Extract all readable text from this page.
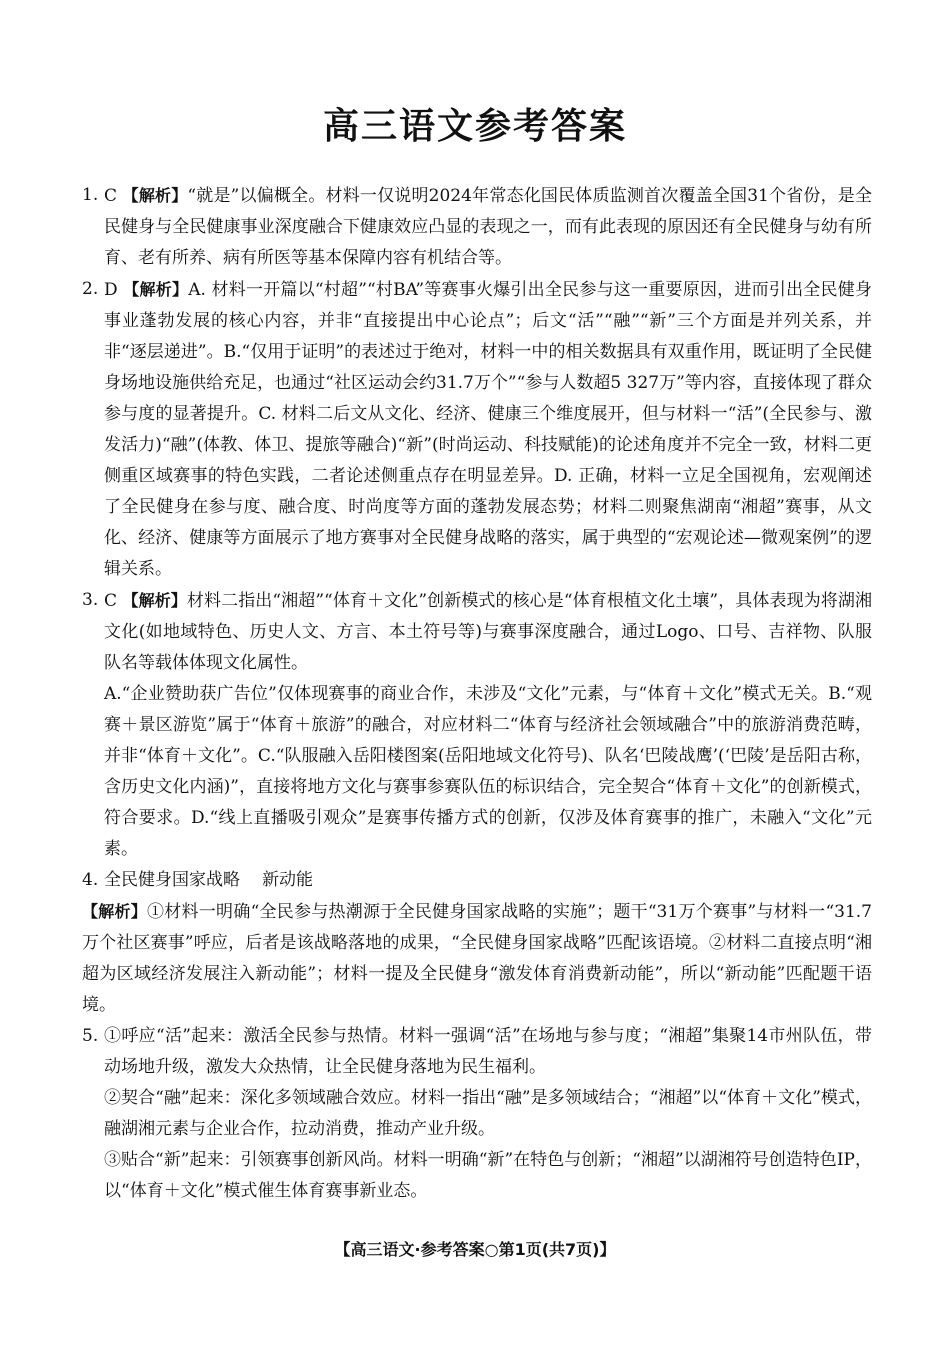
高三语文参考答案
1. C 【解析】“就是”以偏概全。材料一仅说明2024年常态化国民体质监测首次覆盖全国31个省份，是全民健身与全民健康事业深度融合下健康效应凸显的表现之一，而有此表现的原因还有全民健身与幼有所育、老有所养、病有所医等基本保障内容有机结合等。

2. D 【解析】A. 材料一开篇以“村超”“村BA”等赛事火爆引出全民参与这一重要原因，进而引出全民健身事业蓬勃发展的核心内容，并非“直接提出中心论点”；后文“活”“融”“新”三个方面是并列关系，并非“逐层递进”。B.“仅用于证明”的表述过于绝对，材料一中的相关数据具有双重作用，既证明了全民健身场地设施供给充足，也通过“社区运动会约31.7万个”“参与人数超5 327万”等内容，直接体现了群众参与度的显著提升。C. 材料二后文从文化、经济、健康三个维度展开，但与材料一“活”(全民参与、激发活力)“融”(体教、体卫、提旅等融合)“新”(时尚运动、科技赋能)的论述角度并不完全一致，材料二更侧重区域赛事的特色实践，二者论述侧重点存在明显差异。D. 正确，材料一立足全国视角，宏观阐述了全民健身在参与度、融合度、时尚度等方面的蓬勃发展态势；材料二则聚焦湖南“湘超”赛事，从文化、经济、健康等方面展示了地方赛事对全民健身战略的落实，属于典型的“宏观论述—微观案例”的逻辑关系。

3. C 【解析】材料二指出“湘超”“体育＋文化”创新模式的核心是“体育根植文化土壤”，具体表现为将湖湘文化(如地域特色、历史人文、方言、本土符号等)与赛事深度融合，通过Logo、口号、吉祥物、队服队名等载体体现文化属性。

A.“企业赞助获广告位”仅体现赛事的商业合作，未涉及“文化”元素，与“体育＋文化”模式无关。B.“观赛＋景区游览”属于“体育＋旅游”的融合，对应材料二“体育与经济社会领域融合”中的旅游消费范畴，并非“体育＋文化”。C.“队服融入岳阳楼图案(岳阳地域文化符号)、队名‘巴陵战鹰’(‘巴陵’是岳阳古称，含历史文化内涵)”，直接将地方文化与赛事参赛队伍的标识结合，完全契合“体育＋文化”的创新模式，符合要求。D.“线上直播吸引观众”是赛事传播方式的创新，仅涉及体育赛事的推广，未融入“文化”元素。

4. 全民健身国家战略 新动能

【解析】①材料一明确“全民参与热潮源于全民健身国家战略的实施”；题干“31万个赛事”与材料一“31.7万个社区赛事”呼应，后者是该战略落地的成果，“全民健身国家战略”匹配该语境。②材料二直接点明“湘超为区域经济发展注入新动能”；材料一提及全民健身“激发体育消费新动能”，所以“新动能”匹配题干语境。

5. ①呼应“活”起来：激活全民参与热情。材料一强调“活”在场地与参与度；“湘超”集聚14市州队伍，带动场地升级，激发大众热情，让全民健身落地为民生福利。

②契合“融”起来：深化多领域融合效应。材料一指出“融”是多领域结合；“湘超”以“体育＋文化”模式，融湖湘元素与企业合作，拉动消费，推动产业升级。

③贴合“新”起来：引领赛事创新风尚。材料一明确“新”在特色与创新；“湘超”以湖湘符号创造特色IP，以“体育＋文化”模式催生体育赛事新业态。

【高三语文·参考答案○第1页(共7页)】
